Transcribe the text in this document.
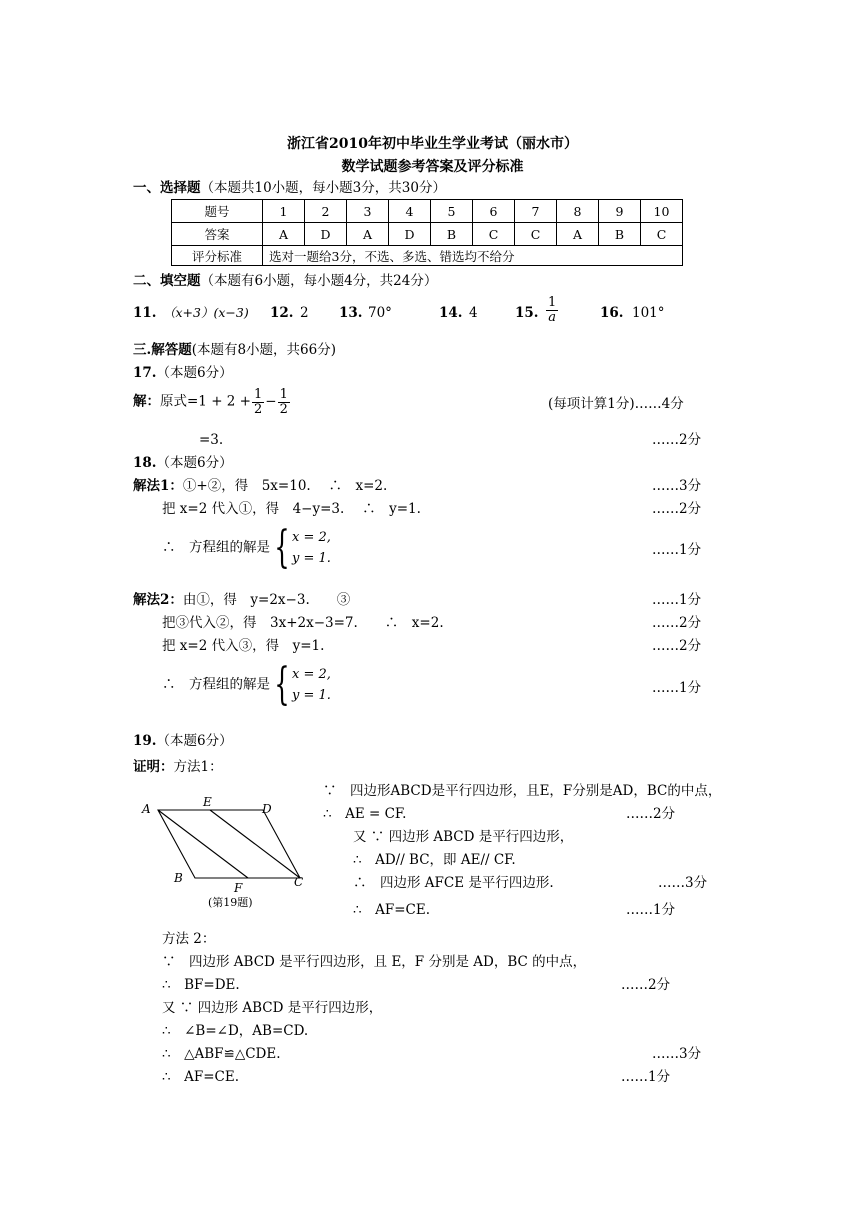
浙江省2010年初中毕业生学业考试（丽水市）
数学试题参考答案及评分标准
一、选择题（本题共10小题，每小题3分，共30分）
题号	1	2	3	4	5	6	7	8	9	10
答案	A	D	A	D	B	C	C	A	B	C
评分标准	选对一题给3分，不选、多选、错选均不给分									
二、填空题（本题有6小题，每小题4分，共24分）
11. （x+3）(x−3) 12. 2 13. 70°	14. 4	15. $\frac{1}{a}$	16. 101°
三.解答题(本题有8小题，共66分)
17.（本题6分）
解：原式$=1 + 2 + \frac{1}{2} - \frac{1}{2}$	(每项计算1分)……4分
=3.	……2分
18.（本题6分）
解法1：①+②，得　5x=10.　 ∴　x=2.	……3分
把 x=2 代入①，得　4−y=3.　 ∴　y=1.	……2分
∴　方程组的解是{ x = 2,
y = 1.
……1分
解法2：由①，得　y=2x−3.　　③	……1分
把③代入②，得　3x+2x−3=7.　　∴　x=2.	……2分
把 x=2 代入③，得　y=1.	……2分
∴　方程组的解是{ x = 2,
y = 1.	……1分
19.（本题6分）
证明：方法1：
A	E	D
B
F	C
(第19题)
∵　四边形ABCD是平行四边形，且E，F分别是AD，BC的中点，
∴　AE = CF.	……2分
又 ∵ 四边形 ABCD 是平行四边形，
∴　AD// BC，即 AE// CF.
∴　四边形 AFCE 是平行四边形.	……3分
∴　AF=CE.	……1分
方法 2：
∵　四边形 ABCD 是平行四边形，且 E，F 分别是 AD，BC 的中点，
∴　BF=DE.	……2分
又 ∵ 四边形 ABCD 是平行四边形，
∴　∠B=∠D，AB=CD.
∴　△ABF≌△CDE.	……3分
∴　AF=CE.	……1分
